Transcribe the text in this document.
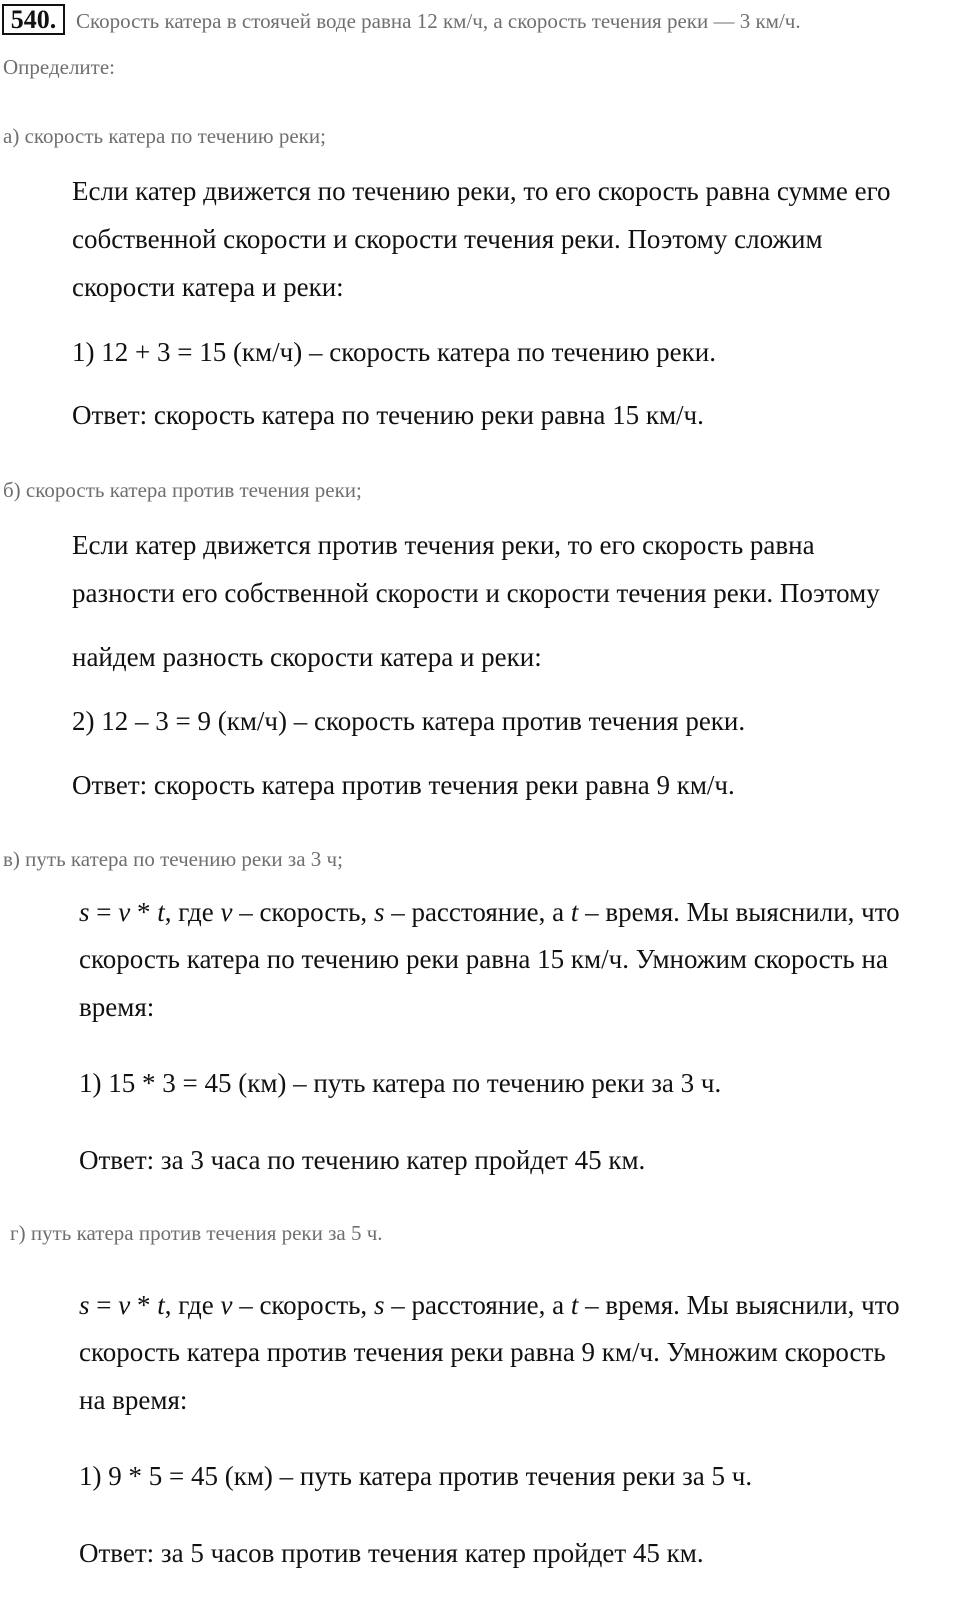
540. Скорость катера в стоячей воде равна 12 км/ч, а скорость течения реки — 3 км/ч.
Определите:
а) скорость катера по течению реки;
Если катер движется по течению реки, то его скорость равна сумме его
собственной скорости и скорости течения реки. Поэтому сложим
скорости катера и реки:
1) 12 + 3 = 15 (км/ч) – скорость катера по течению реки.
Ответ: скорость катера по течению реки равна 15 км/ч.
б) скорость катера против течения реки;
Если катер движется против течения реки, то его скорость равна
разности его собственной скорости и скорости течения реки. Поэтому
найдем разность скорости катера и реки:
2) 12 – 3 = 9 (км/ч) – скорость катера против течения реки.
Ответ: скорость катера против течения реки равна 9 км/ч.
в) путь катера по течению реки за 3 ч;
s = v * t, где v – скорость, s – расстояние, а t – время. Мы выяснили, что
скорость катера по течению реки равна 15 км/ч. Умножим скорость на
время:
1) 15 * 3 = 45 (км) – путь катера по течению реки за 3 ч.
Ответ: за 3 часа по течению катер пройдет 45 км.
г) путь катера против течения реки за 5 ч.
s = v * t, где v – скорость, s – расстояние, а t – время. Мы выяснили, что
скорость катера против течения реки равна 9 км/ч. Умножим скорость
на время:
1) 9 * 5 = 45 (км) – путь катера против течения реки за 5 ч.
Ответ: за 5 часов против течения катер пройдет 45 км.
